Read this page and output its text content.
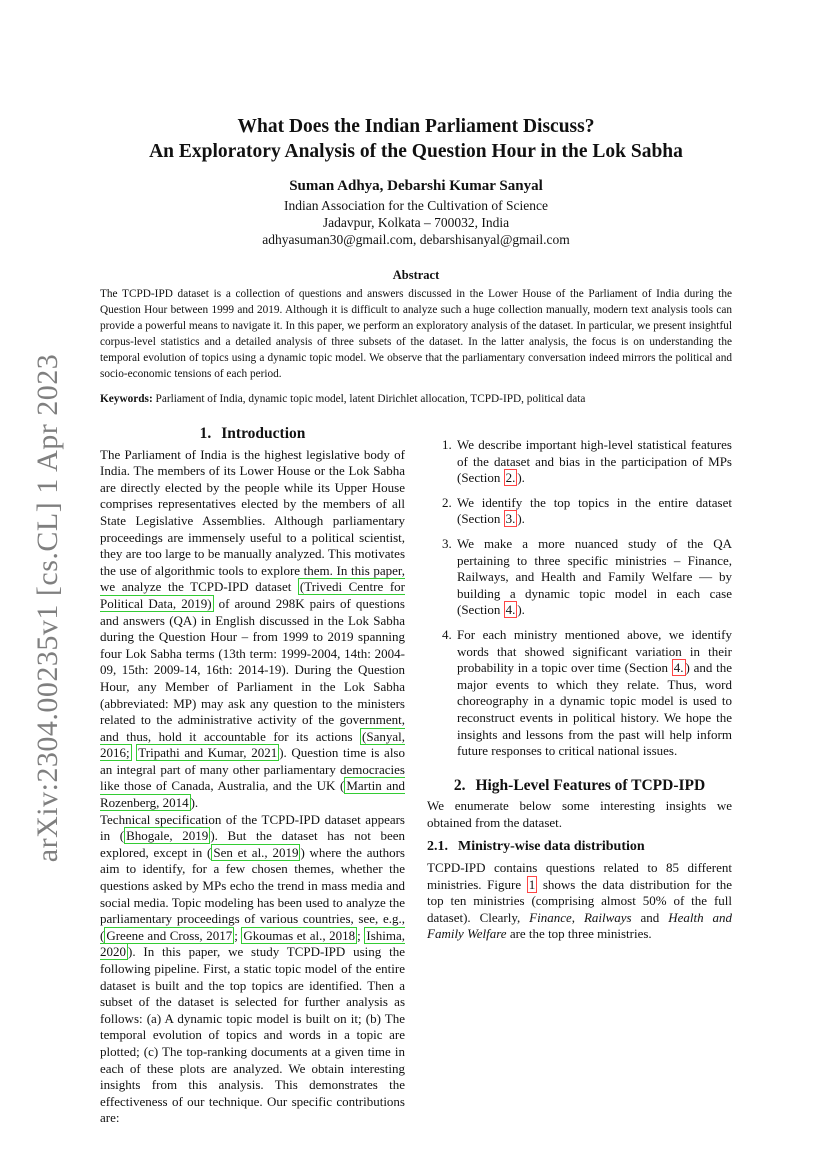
arXiv:2304.00235v1 [cs.CL] 1 Apr 2023
What Does the Indian Parliament Discuss?
An Exploratory Analysis of the Question Hour in the Lok Sabha
Suman Adhya, Debarshi Kumar Sanyal
Indian Association for the Cultivation of Science
Jadavpur, Kolkata – 700032, India
adhyasuman30@gmail.com, debarshisanyal@gmail.com
Abstract
The TCPD-IPD dataset is a collection of questions and answers discussed in the Lower House of the Parliament of India during the Question Hour between 1999 and 2019. Although it is difficult to analyze such a huge collection manually, modern text analysis tools can provide a powerful means to navigate it. In this paper, we perform an exploratory analysis of the dataset. In particular, we present insightful corpus-level statistics and a detailed analysis of three subsets of the dataset. In the latter analysis, the focus is on understanding the temporal evolution of topics using a dynamic topic model. We observe that the parliamentary conversation indeed mirrors the political and socio-economic tensions of each period.
Keywords: Parliament of India, dynamic topic model, latent Dirichlet allocation, TCPD-IPD, political data
1. Introduction

The Parliament of India is the highest legislative body of India. The members of its Lower House or the Lok Sabha are directly elected by the people while its Upper House comprises representatives elected by the members of all State Legislative Assemblies. Although parliamentary proceedings are immensely useful to a political scientist, they are too large to be manually analyzed. This motivates the use of algorithmic tools to explore them. In this paper, we analyze the TCPD-IPD dataset (Trivedi Centre for Political Data, 2019) of around 298K pairs of questions and answers (QA) in English discussed in the Lok Sabha during the Question Hour – from 1999 to 2019 spanning four Lok Sabha terms (13th term: 1999-2004, 14th: 2004-09, 15th: 2009-14, 16th: 2014-19). During the Question Hour, any Member of Parliament in the Lok Sabha (abbreviated: MP) may ask any question to the ministers related to the administrative activity of the government, and thus, hold it accountable for its actions (Sanyal, 2016; Tripathi and Kumar, 2021 ). Question time is also an integral part of many other parliamentary democracies like those of Canada, Australia, and the UK ( Martin and Rozenberg, 2014 ).

Technical specification of the TCPD-IPD dataset appears in ( Bhogale, 2019 ). But the dataset has not been explored, except in ( Sen et al., 2019 ) where the authors aim to identify, for a few chosen themes, whether the questions asked by MPs echo the trend in mass media and social media. Topic modeling has been used to analyze the parliamentary proceedings of various countries, see, e.g., ( Greene and Cross, 2017 ; Gkoumas et al., 2018 ; Ishima, 2020 ). In this paper, we study TCPD-IPD using the following pipeline. First, a static topic model of the entire dataset is built and the top topics are identified. Then a subset of the dataset is selected for further analysis as follows: (a) A dynamic topic model is built on it; (b) The temporal evolution of topics and words in a topic are plotted; (c) The top-ranking documents at a given time in each of these plots are analyzed. We obtain interesting insights from this analysis. This demonstrates the effectiveness of our technique. Our specific contributions are:

1. We describe important high-level statistical features of the dataset and bias in the participation of MPs (Section 2. ).
2. We identify the top topics in the entire dataset (Section 3. ).
3. We make a more nuanced study of the QA pertaining to three specific ministries – Finance, Railways, and Health and Family Welfare — by building a dynamic topic model in each case (Section 4. ).
4. For each ministry mentioned above, we identify words that showed significant variation in their probability in a topic over time (Section 4. ) and the major events to which they relate. Thus, word choreography in a dynamic topic model is used to reconstruct events in political history. We hope the insights and lessons from the past will help inform future responses to critical national issues.
2. High-Level Features of TCPD-IPD

We enumerate below some interesting insights we obtained from the dataset.

2.1. Ministry-wise data distribution

TCPD-IPD contains questions related to 85 different ministries. Figure 1 shows the data distribution for the top ten ministries (comprising almost 50% of the full dataset). Clearly, Finance, Railways and Health and Family Welfare are the top three ministries.
